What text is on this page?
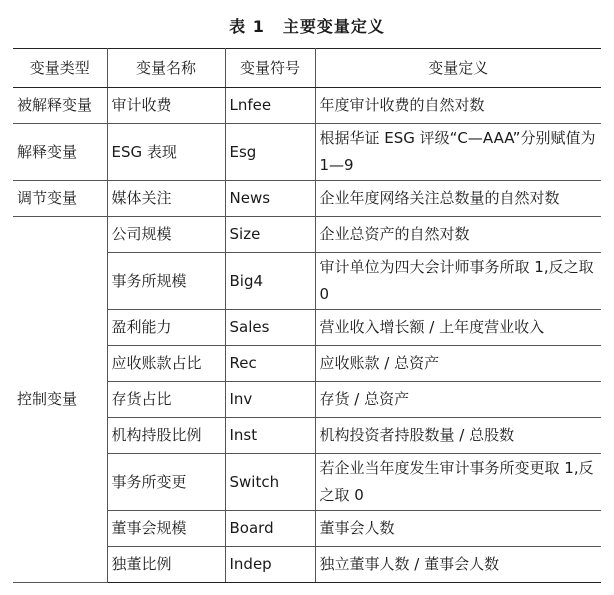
表 1 主要变量定义
变量类型	变量名称	变量符号	变量定义
被解释变量	审计收费	Lnfee	年度审计收费的自然对数
解释变量	ESG 表现	Esg	根据华证 ESG 评级“C—AAA”分别赋值为 1—9
调节变量	媒体关注	News	企业年度网络关注总数量的自然对数
控制变量	公司规模	Size	企业总资产的自然对数
	事务所规模	Big4	审计单位为四大会计师事务所取 1,反之取 0
	盈利能力	Sales	营业收入增长额 / 上年度营业收入
	应收账款占比	Rec	应收账款 / 总资产
	存货占比	Inv	存货 / 总资产
	机构持股比例	Inst	机构投资者持股数量 / 总股数
	事务所变更	Switch	若企业当年度发生审计事务所变更取 1,反之取 0
	董事会规模	Board	董事会人数
	独董比例	Indep	独立董事人数 / 董事会人数
